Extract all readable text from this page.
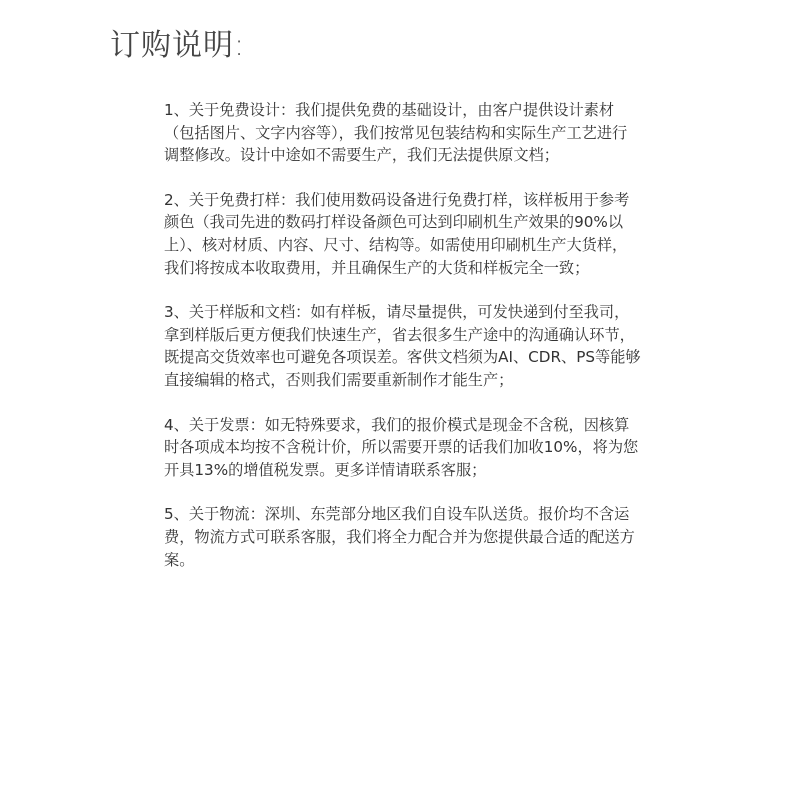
订购说明:

1、关于免费设计：我们提供免费的基础设计，由客户提供设计素材（包括图片、文字内容等），我们按常见包装结构和实际生产工艺进行调整修改。设计中途如不需要生产，我们无法提供原文档；

2、关于免费打样：我们使用数码设备进行免费打样，该样板用于参考颜色（我司先进的数码打样设备颜色可达到印刷机生产效果的90%以上）、核对材质、内容、尺寸、结构等。如需使用印刷机生产大货样，我们将按成本收取费用，并且确保生产的大货和样板完全一致；

3、关于样版和文档：如有样板，请尽量提供，可发快递到付至我司，拿到样版后更方便我们快速生产，省去很多生产途中的沟通确认环节，既提高交货效率也可避免各项误差。客供文档须为AI、CDR、PS等能够直接编辑的格式，否则我们需要重新制作才能生产；

4、关于发票：如无特殊要求，我们的报价模式是现金不含税，因核算时各项成本均按不含税计价，所以需要开票的话我们加收10%，将为您开具13%的增值税发票。更多详情请联系客服；

5、关于物流：深圳、东莞部分地区我们自设车队送货。报价均不含运费，物流方式可联系客服，我们将全力配合并为您提供最合适的配送方案。
